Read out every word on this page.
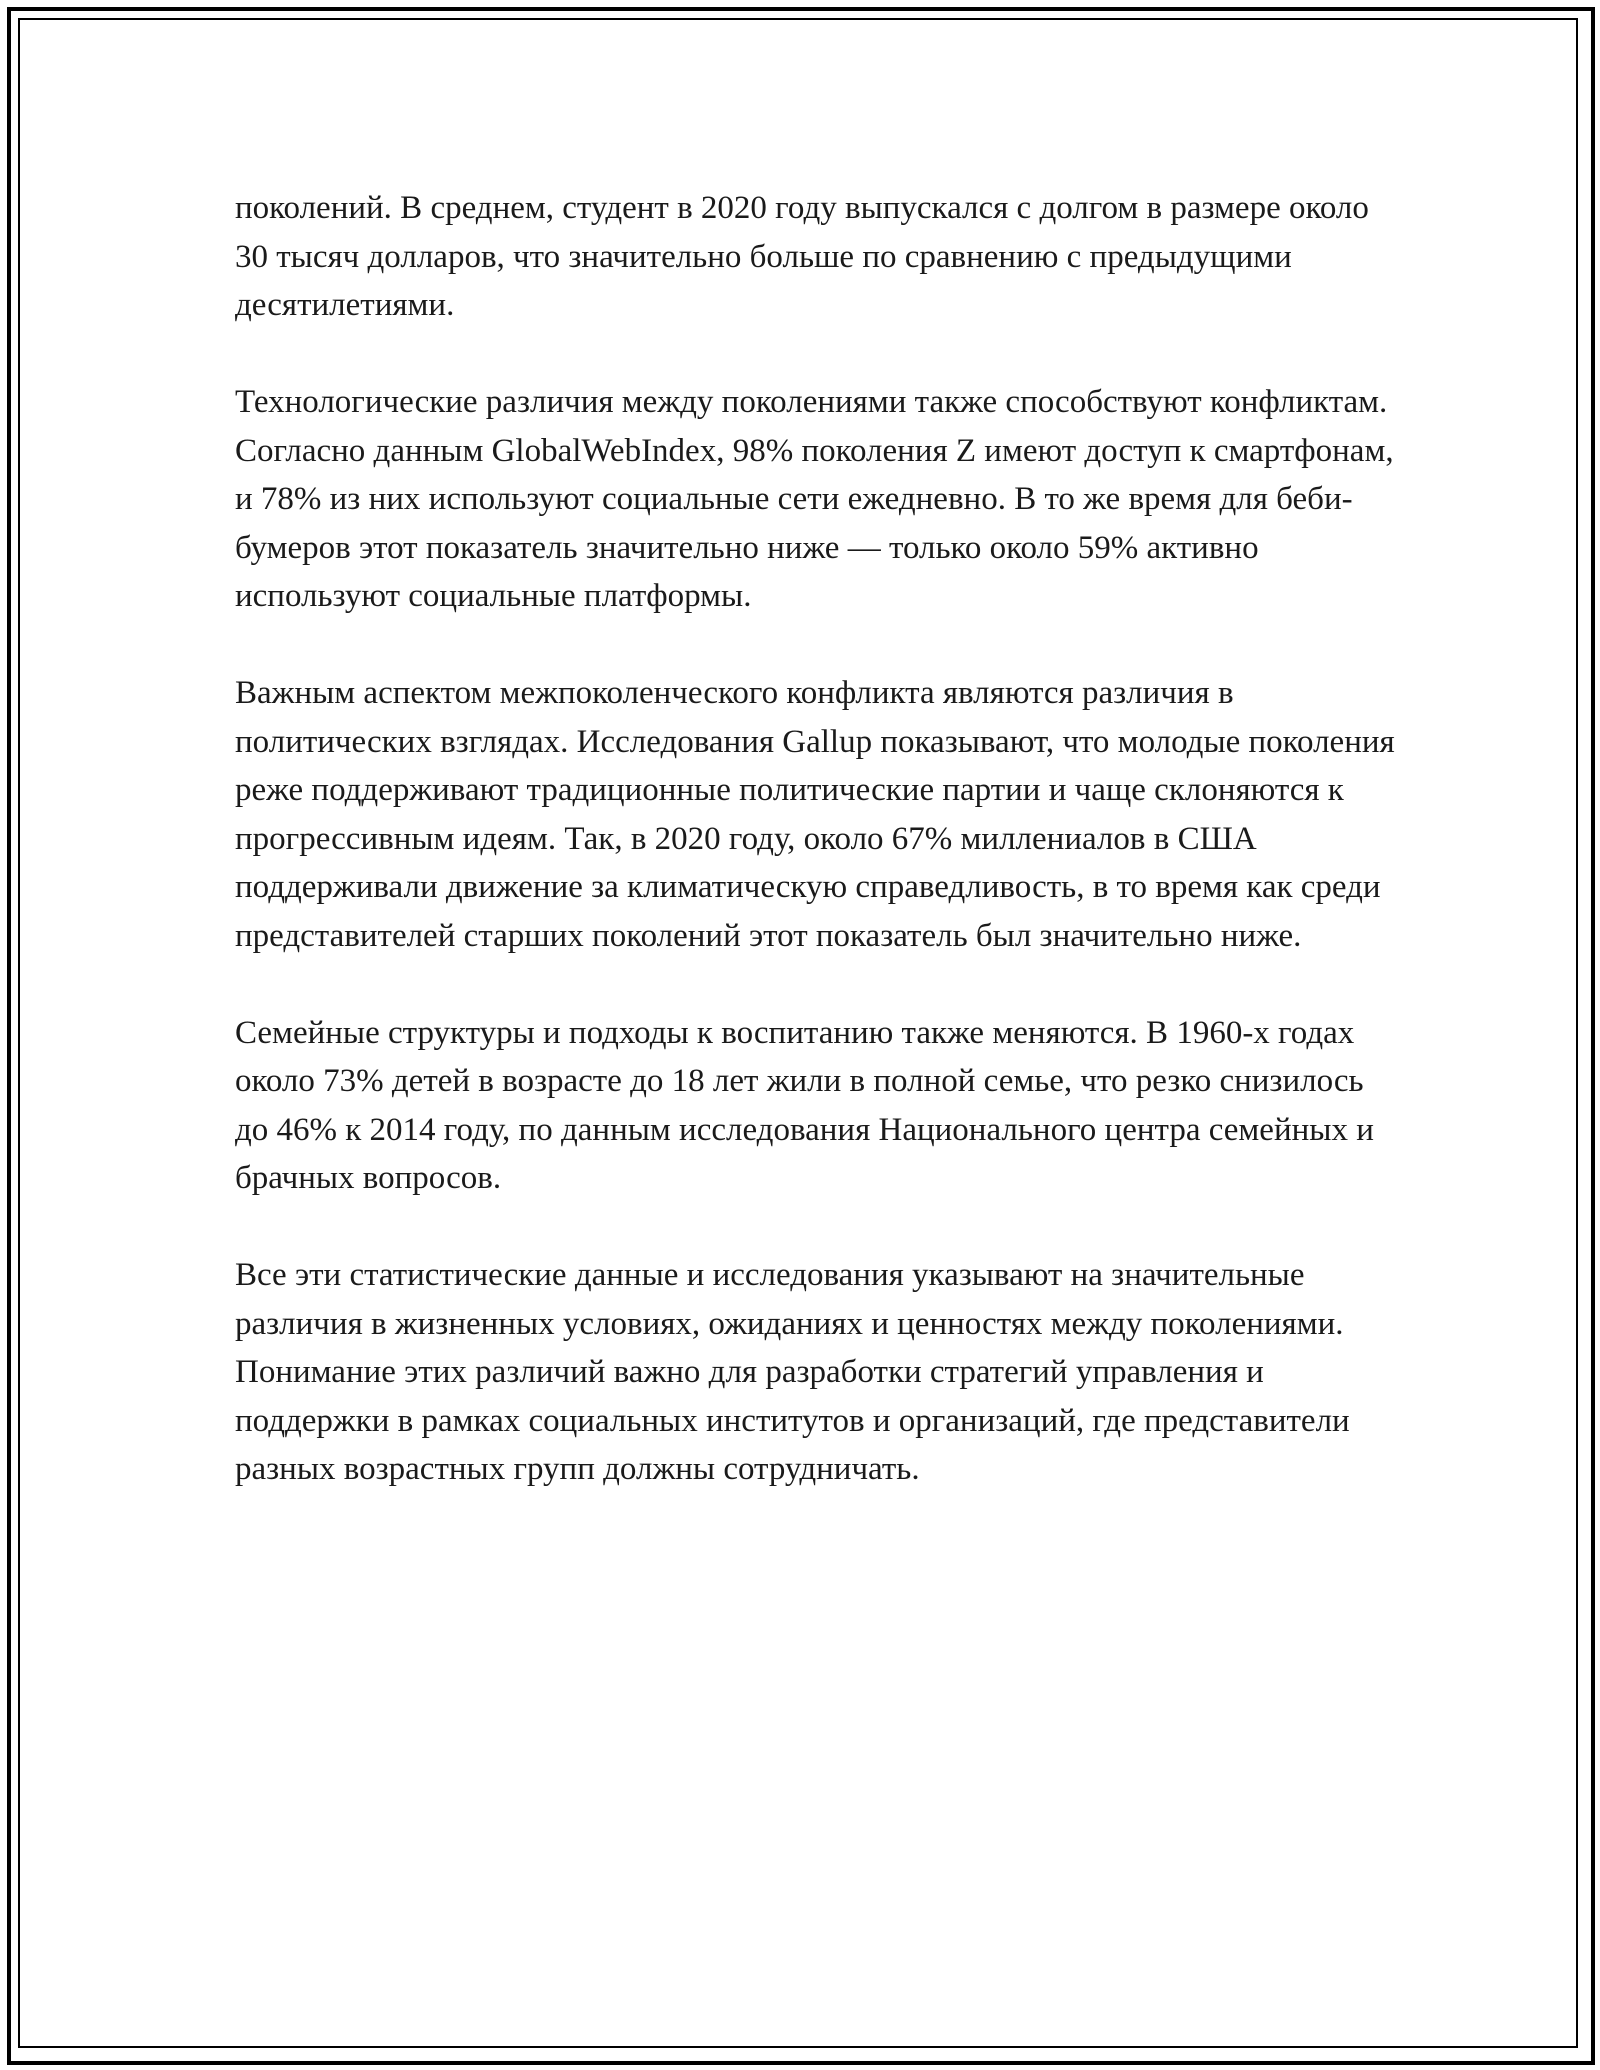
поколений. В среднем, студент в 2020 году выпускался с долгом в размере около 30 тысяч долларов, что значительно больше по сравнению с предыдущими десятилетиями.

Технологические различия между поколениями также способствуют конфликтам. Согласно данным GlobalWebIndex, 98% поколения Z имеют доступ к смартфонам, и 78% из них используют социальные сети ежедневно. В то же время для беби-бумеров этот показатель значительно ниже — только около 59% активно используют социальные платформы.

Важным аспектом межпоколенческого конфликта являются различия в политических взглядах. Исследования Gallup показывают, что молодые поколения реже поддерживают традиционные политические партии и чаще склоняются к прогрессивным идеям. Так, в 2020 году, около 67% миллениалов в США поддерживали движение за климатическую справедливость, в то время как среди представителей старших поколений этот показатель был значительно ниже.

Семейные структуры и подходы к воспитанию также меняются. В 1960-х годах около 73% детей в возрасте до 18 лет жили в полной семье, что резко снизилось до 46% к 2014 году, по данным исследования Национального центра семейных и брачных вопросов.

Все эти статистические данные и исследования указывают на значительные различия в жизненных условиях, ожиданиях и ценностях между поколениями. Понимание этих различий важно для разработки стратегий управления и поддержки в рамках социальных институтов и организаций, где представители разных возрастных групп должны сотрудничать.
